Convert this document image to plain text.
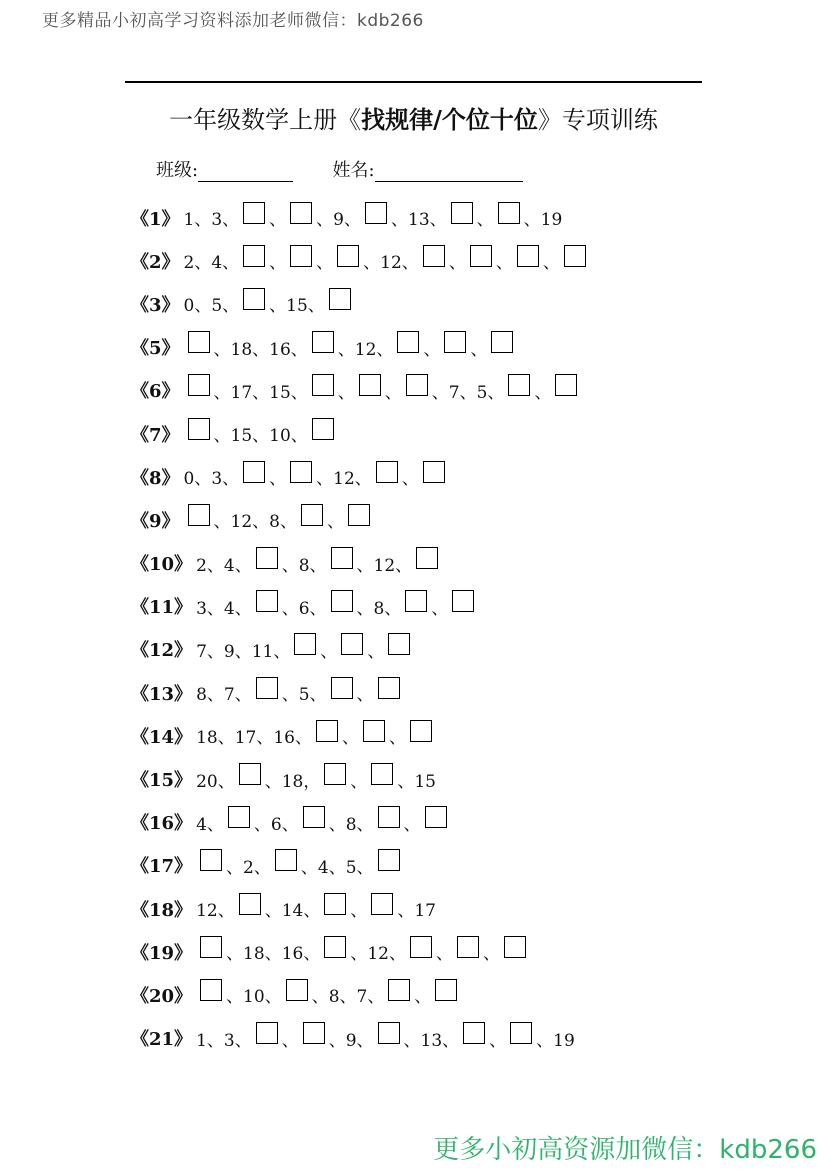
更多精品小初高学习资料添加老师微信：kdb266
一年级数学上册《找规律/个位十位》专项训练
班级:	姓名:
《1》 1、3、 、 、9、 、13、 、 、19
《2》 2、4、 、 、 、12、 、 、 、
《3》 0、5、 、15、
《5》 、18、16、 、12、 、 、
《6》 、17、15、 、 、 、7、5、 、
《7》 、15、10、
《8》 0、3、 、 、12、 、
《9》 、12、8、 、
《10》 2、4、 、8、 、12、
《11》 3、4、 、6、 、8、 、
《12》 7、9、11、 、 、
《13》 8、7、 、5、 、
《14》 18、17、16、 、 、
《15》 20、 、18， 、 、15
《16》 4、 、6、 、8、 、
《17》 、2、 、4、5、
《18》 12、 、14、 、 、17
《19》 、18、16、 、12、 、 、
《20》 、10、 、8、7、 、
《21》 1、3、 、 、9、 、13、 、 、19
更多小初高资源加微信：kdb266
